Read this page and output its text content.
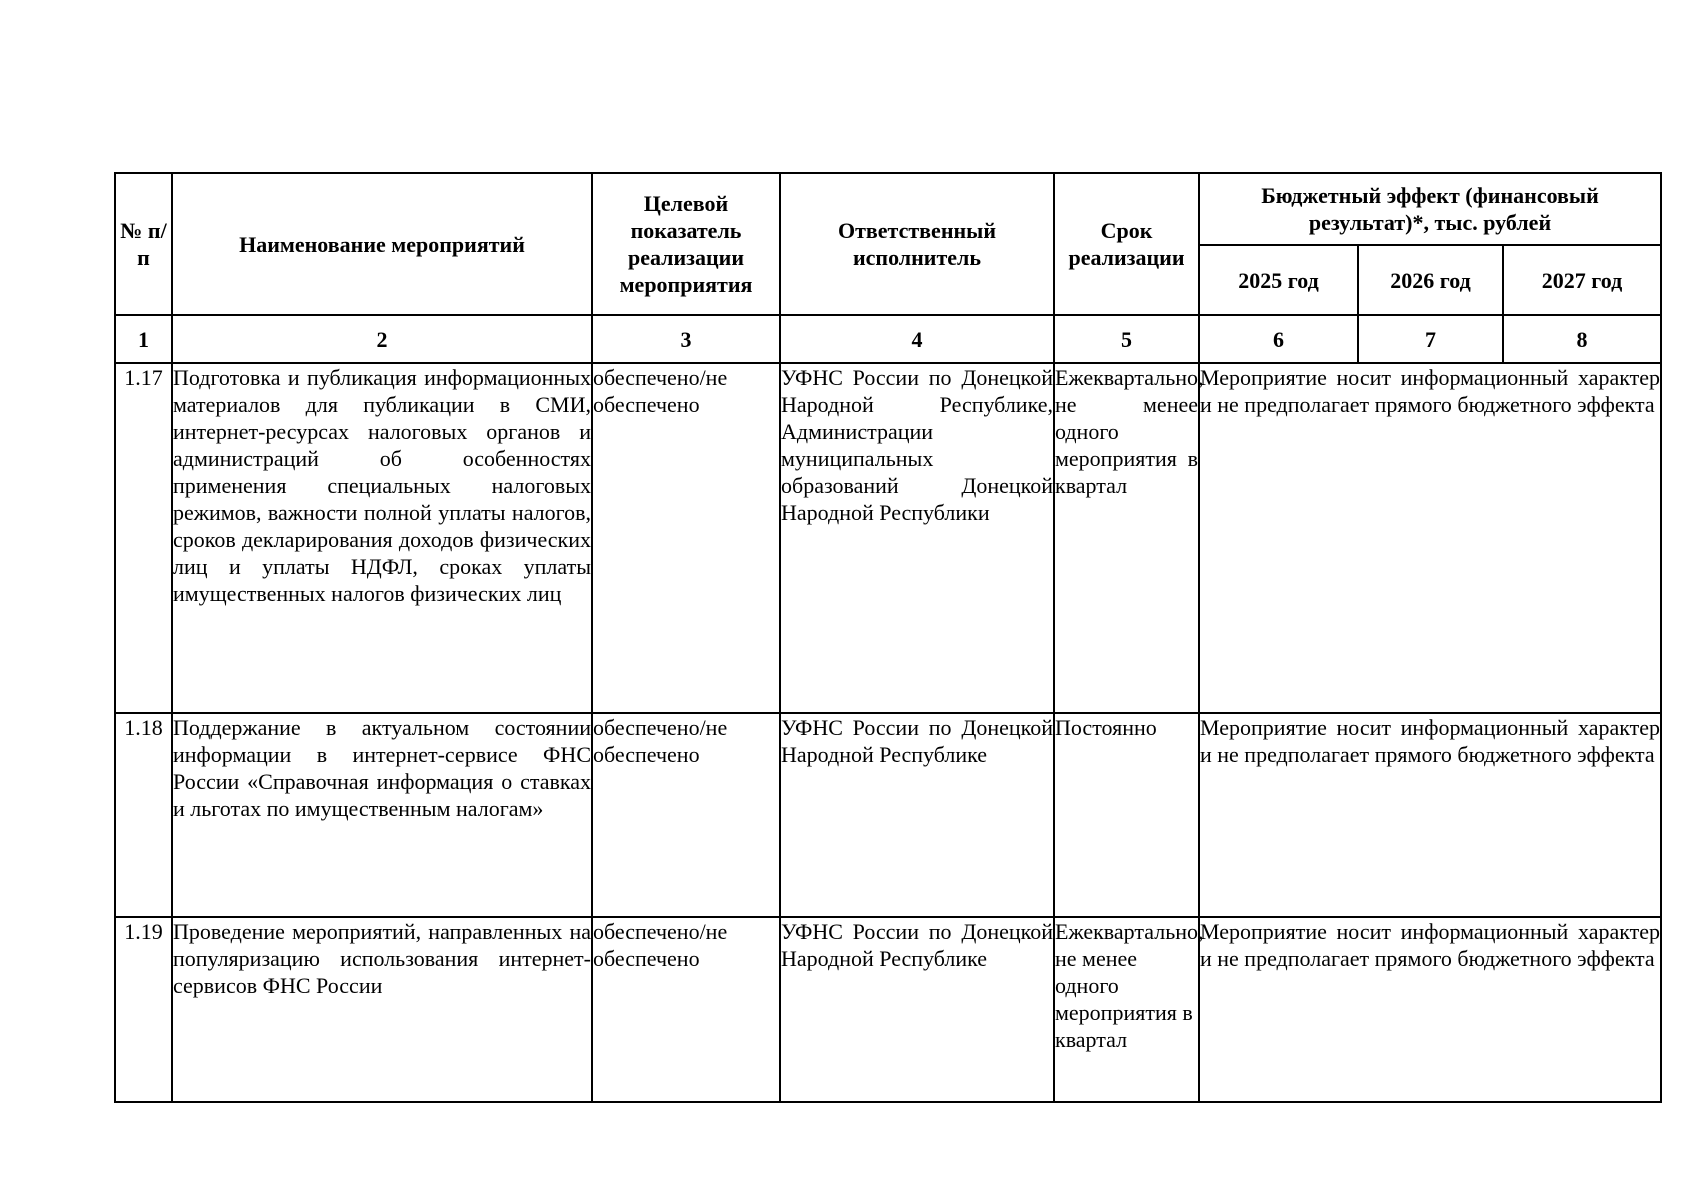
№ п/п	Наименование мероприятий	Целевой показатель реализации мероприятия	Ответственный исполнитель	Срок реализации	Бюджетный эффект (финансовый результат)*, тыс. рублей		
					2025 год	2026 год	2027 год
1	2	3	4	5	6	7	8
1.17	Подготовка и публикация информационных материалов для публикации в СМИ, интернет-ресурсах налоговых органов и администраций об особенностях применения специальных налоговых режимов, важности полной уплаты налогов, сроков декларирования доходов физических лиц и уплаты НДФЛ, сроках уплаты имущественных налогов физических лиц	обеспечено/не обеспечено	УФНС России по Донецкой Народной Республике, Администрации муниципальных образований Донецкой Народной Республики	Ежеквартально, не менее одного мероприятия в квартал	Мероприятие носит информационный характер и не предполагает прямого бюджетного эффекта		
1.18	Поддержание в актуальном состоянии информации в интернет-сервисе ФНС России «Справочная информация о ставках и льготах по имущественным налогам»	обеспечено/не обеспечено	УФНС России по Донецкой Народной Республике	Постоянно	Мероприятие носит информационный характер и не предполагает прямого бюджетного эффекта		
1.19	Проведение мероприятий, направленных на популяризацию использования интернет-сервисов ФНС России	обеспечено/не обеспечено	УФНС России по Донецкой Народной Республике	Ежеквартально, не менее одного мероприятия в квартал	Мероприятие носит информационный характер и не предполагает прямого бюджетного эффекта		
